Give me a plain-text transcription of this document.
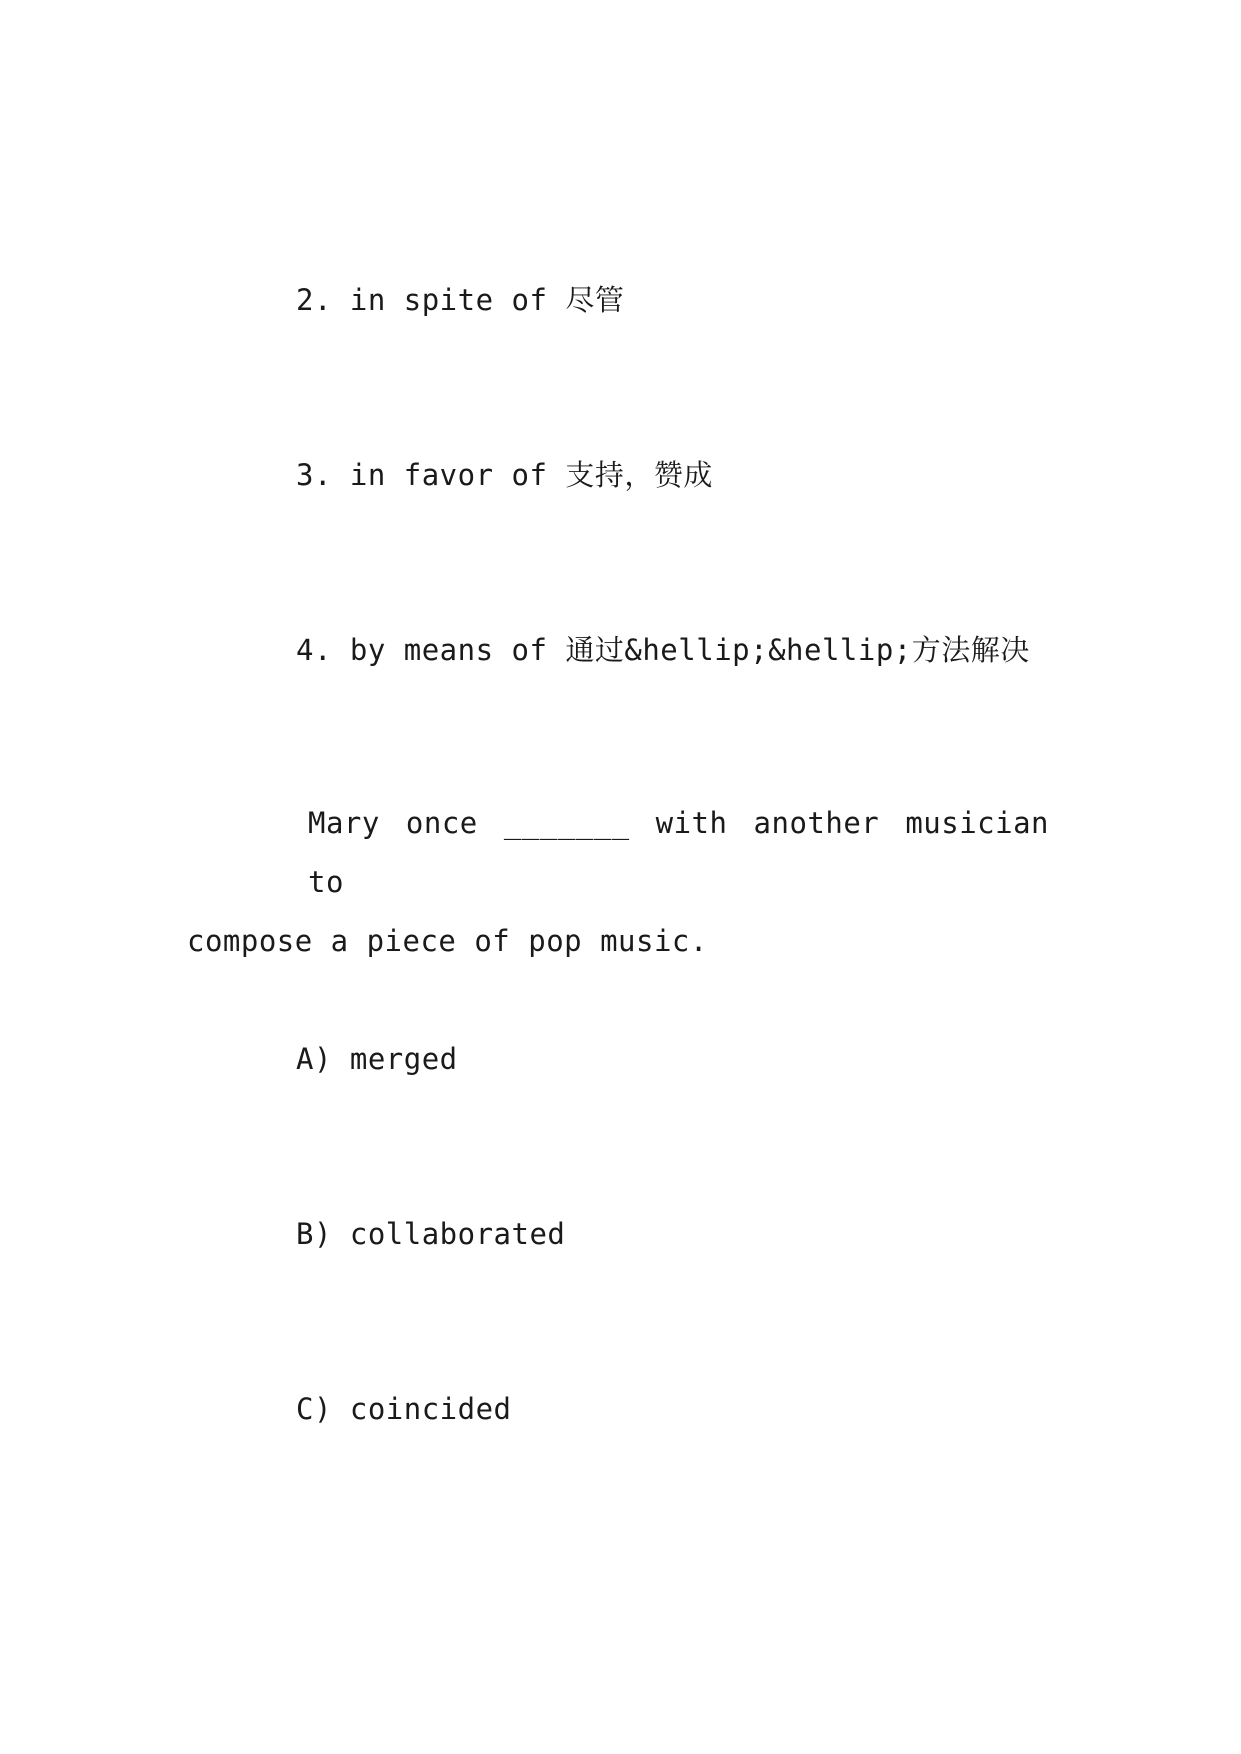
2. in spite of 尽管
3. in favor of 支持，赞成
4. by means of 通过&hellip;&hellip;方法解决
Mary once _______ with another musician to
compose a piece of pop music.
A) merged
B) collaborated
C) coincided
